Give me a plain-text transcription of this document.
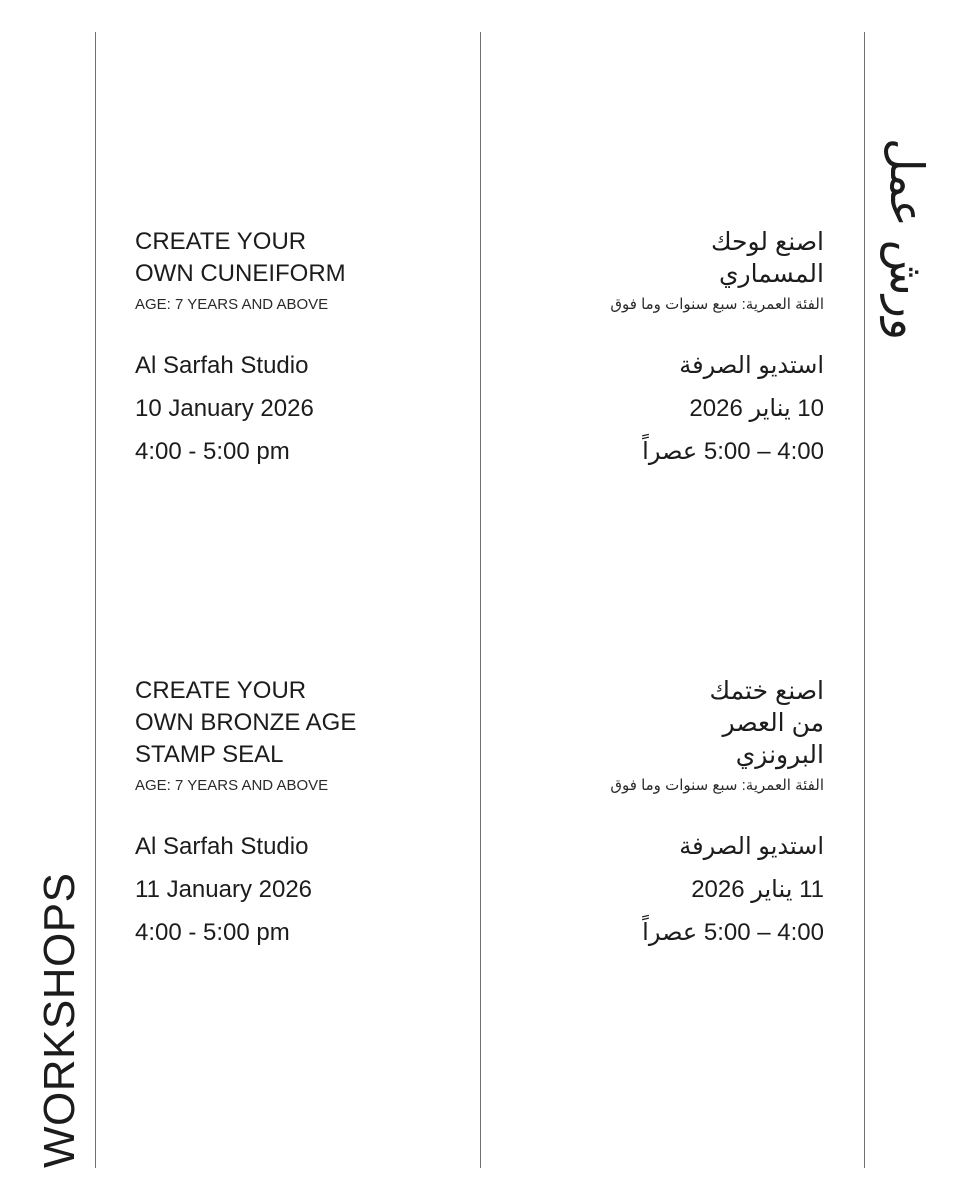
WORKSHOPS
ورش عمل
CREATE YOUR
OWN CUNEIFORM
AGE: 7 YEARS AND ABOVE
Al Sarfah Studio
10 January 2026
4:00 - 5:00 pm
اصنع لوحك
المسماري
الفئة العمرية: سبع سنوات وما فوق
استديو الصرفة
10 يناير 2026
4:00 – 5:00 عصراً
CREATE YOUR
OWN BRONZE AGE
STAMP SEAL
AGE: 7 YEARS AND ABOVE
Al Sarfah Studio
11 January 2026
4:00 - 5:00 pm
اصنع ختمك
من العصر
البرونزي
الفئة العمرية: سبع سنوات وما فوق
استديو الصرفة
11 يناير 2026
4:00 – 5:00 عصراً
